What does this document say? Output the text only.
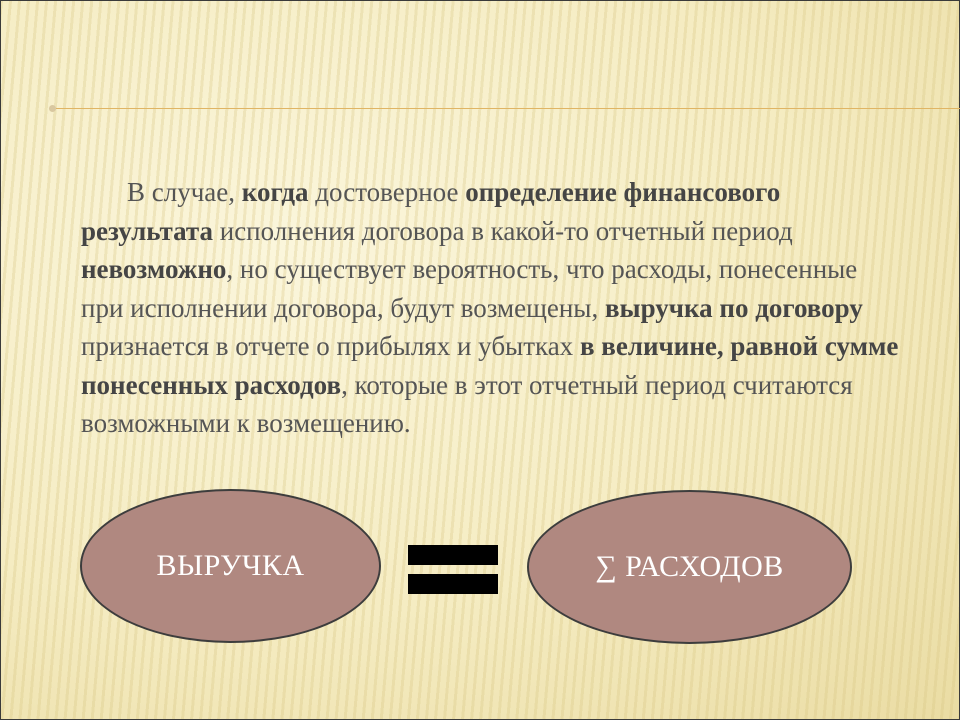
В случае, когда достоверное определение финансового результата исполнения договора в какой-то отчетный период невозможно, но существует вероятность, что расходы, понесенные при исполнении договора, будут возмещены, выручка по договору признается в отчете о прибылях и убытках в величине, равной сумме понесенных расходов, которые в этот отчетный период считаются возможными к возмещению.
ВЫРУЧКА	∑ РАСХОДОВ
